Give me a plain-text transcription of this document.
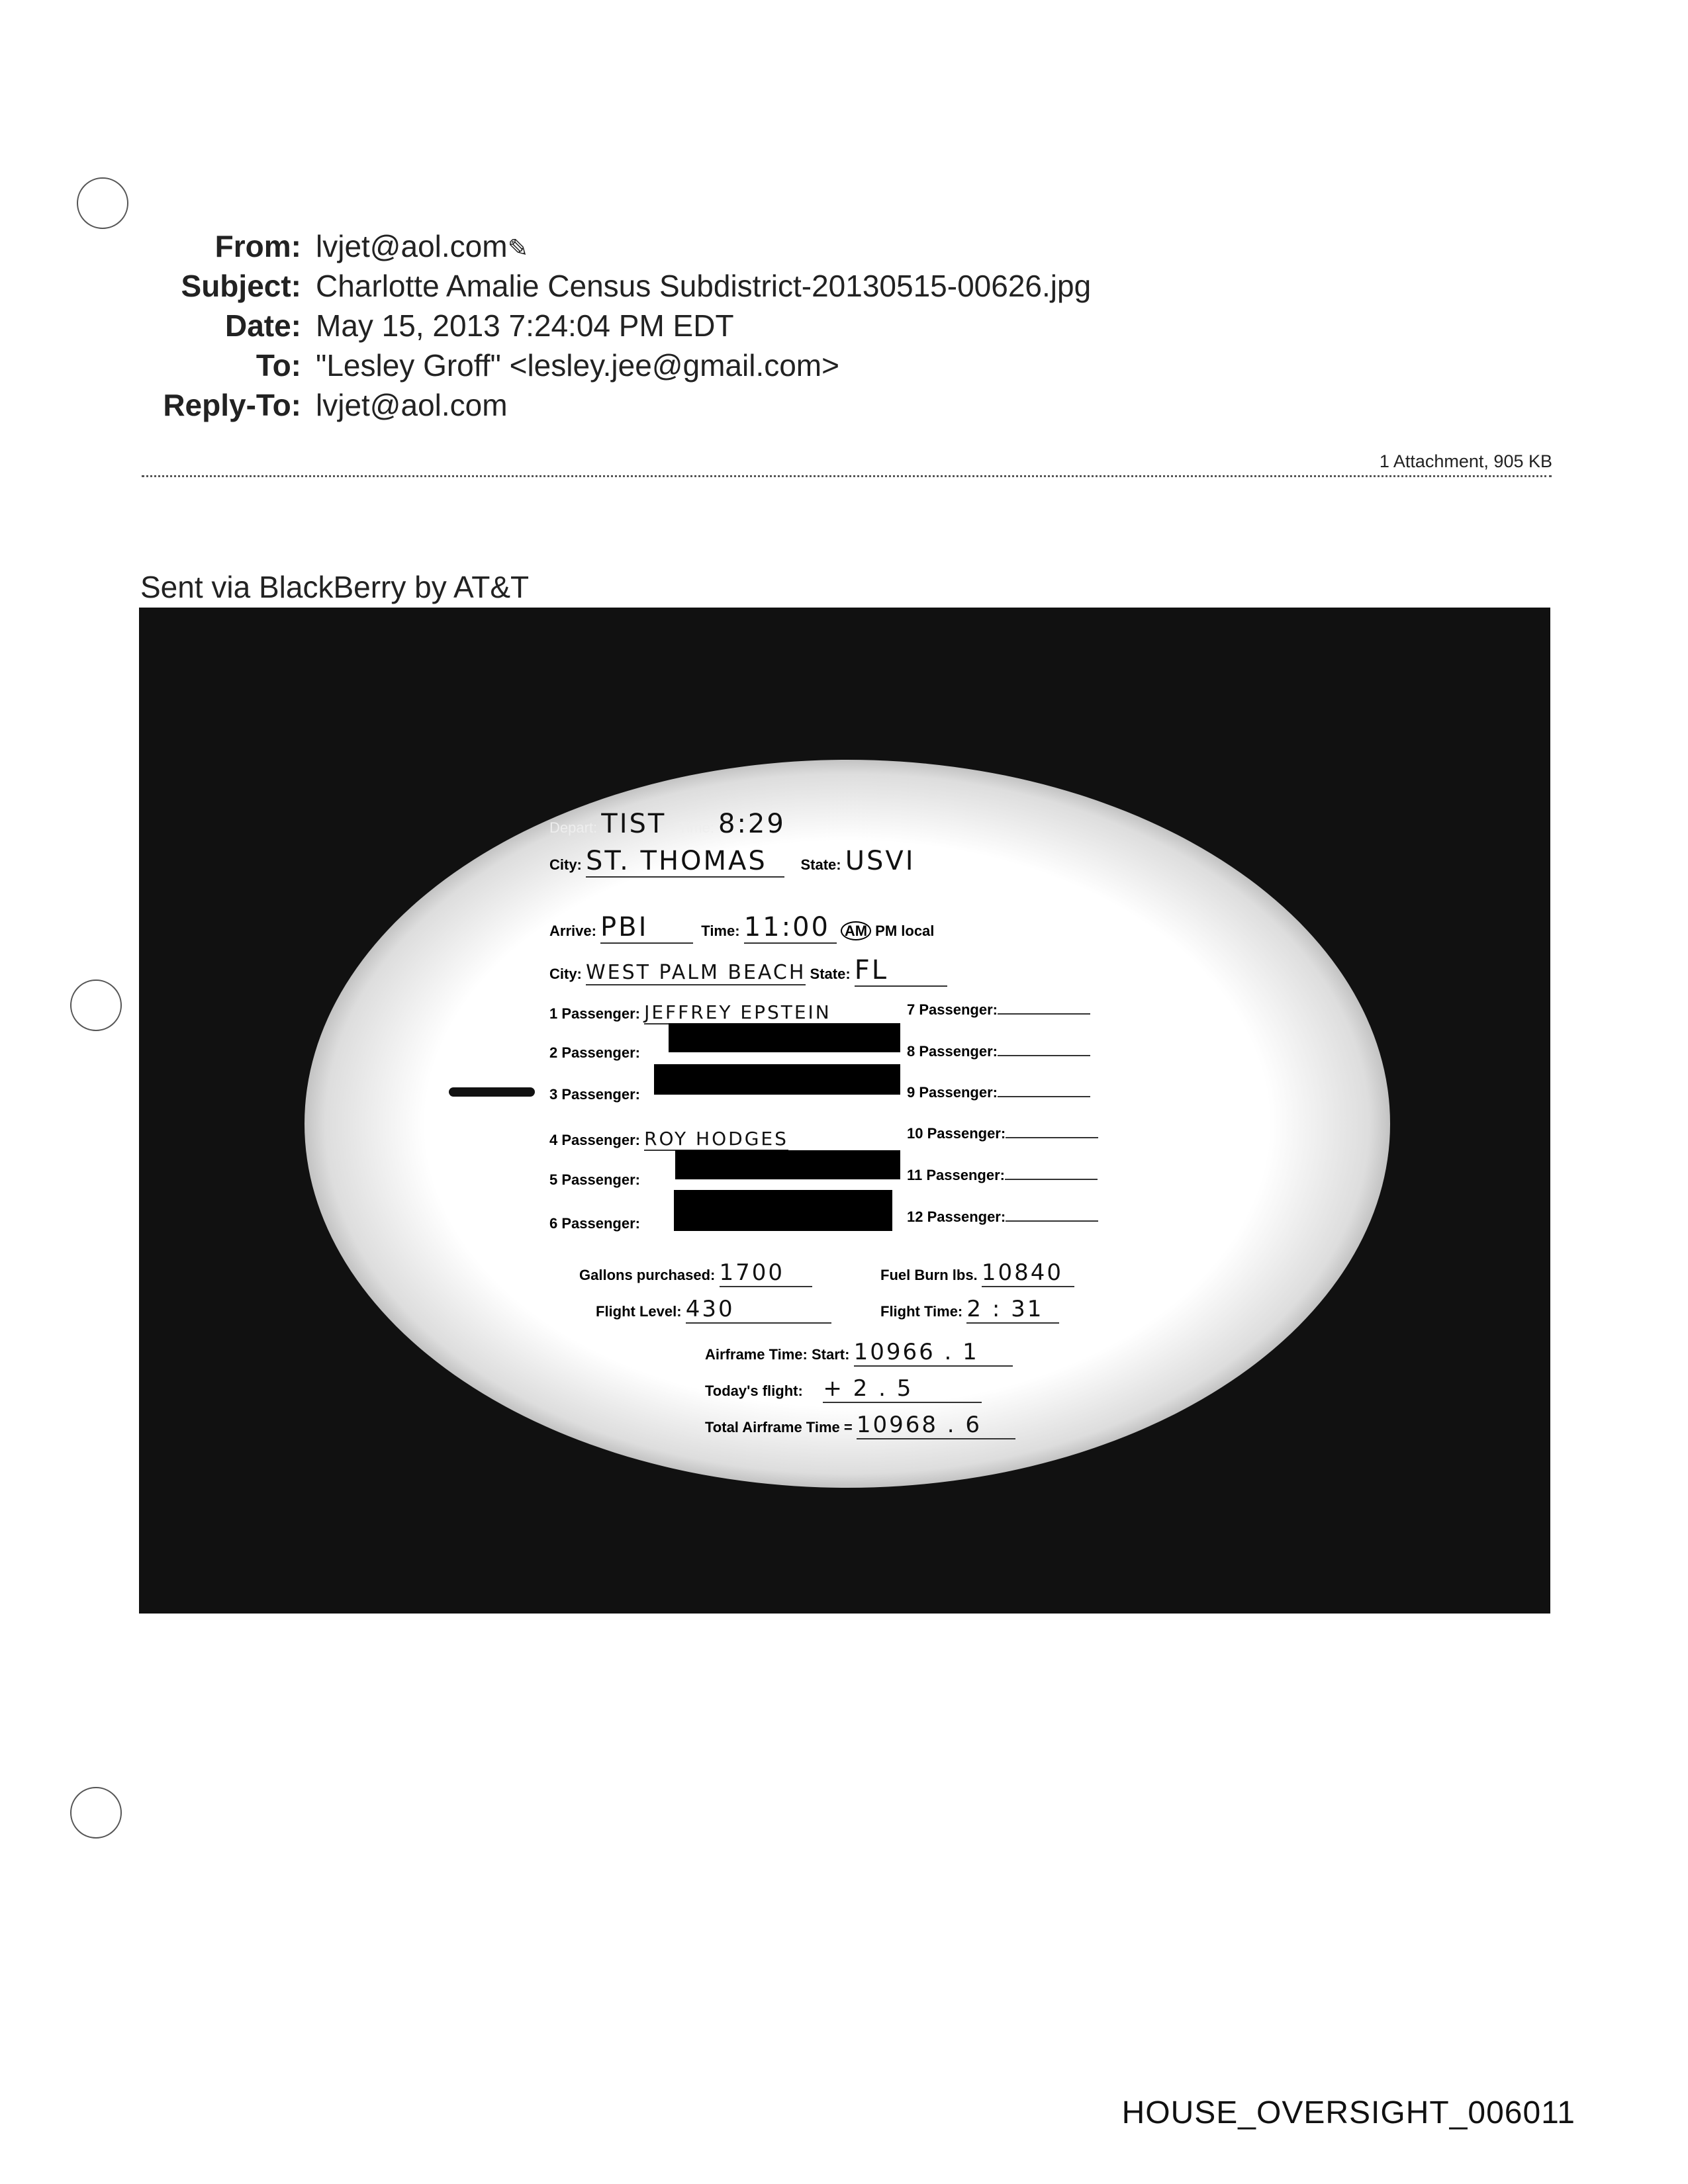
From: lvjet@aol.com✎
Subject: Charlotte Amalie Census Subdistrict-20130515-00626.jpg
Date: May 15, 2013 7:24:04 PM EDT
To: "Lesley Groff" <lesley.jee@gmail.com>
Reply-To: lvjet@aol.com
1 Attachment, 905 KB
Sent via BlackBerry by AT&T
Depart: TIST Time: 8:29
City: ST. THOMAS State: USVI
Arrive: PBI	Time: 11:00 AM PM local
City: WEST PALM BEACH State: FL
1 Passenger: JEFFREY EPSTEIN
2 Passenger:
3 Passenger:
4 Passenger: ROY HODGES
5 Passenger:
6 Passenger:
7 Passenger:
8 Passenger:
9 Passenger:
10 Passenger:
11 Passenger:
12 Passenger:
Gallons purchased: 1700	Fuel Burn lbs. 10840
Flight Level: 430	Flight Time: 2 : 31
Airframe Time: Start: 10966 . 1
Today's flight: + 2 . 5
Total Airframe Time = 10968 . 6
HOUSE_OVERSIGHT_006011
